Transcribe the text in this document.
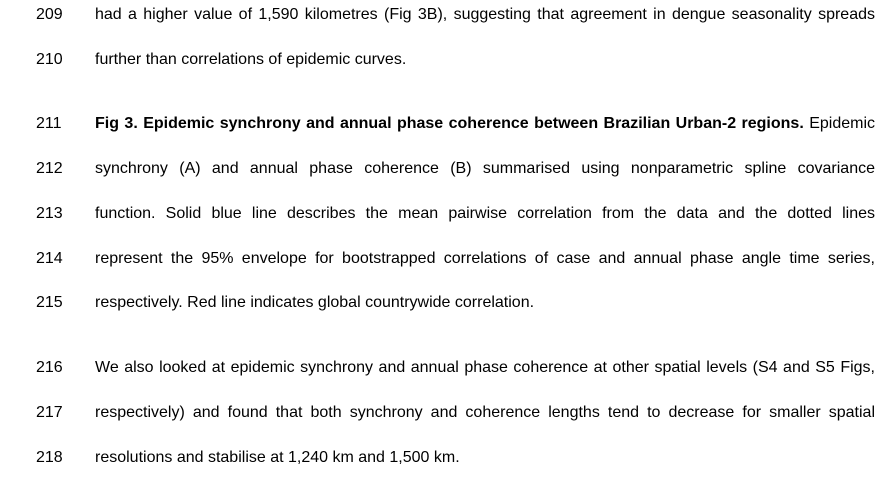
209	had a higher value of 1,590 kilometres (Fig 3B), suggesting that agreement in dengue seasonality spreads
210	further than correlations of epidemic curves.
211	Fig 3. Epidemic synchrony and annual phase coherence between Brazilian Urban-2 regions. Epidemic
212	synchrony (A) and annual phase coherence (B) summarised using nonparametric spline covariance
213	function. Solid blue line describes the mean pairwise correlation from the data and the dotted lines
214	represent the 95% envelope for bootstrapped correlations of case and annual phase angle time series,
215	respectively. Red line indicates global countrywide correlation.
216	We also looked at epidemic synchrony and annual phase coherence at other spatial levels (S4 and S5 Figs,
217	respectively) and found that both synchrony and coherence lengths tend to decrease for smaller spatial
218	resolutions and stabilise at 1,240 km and 1,500 km.
